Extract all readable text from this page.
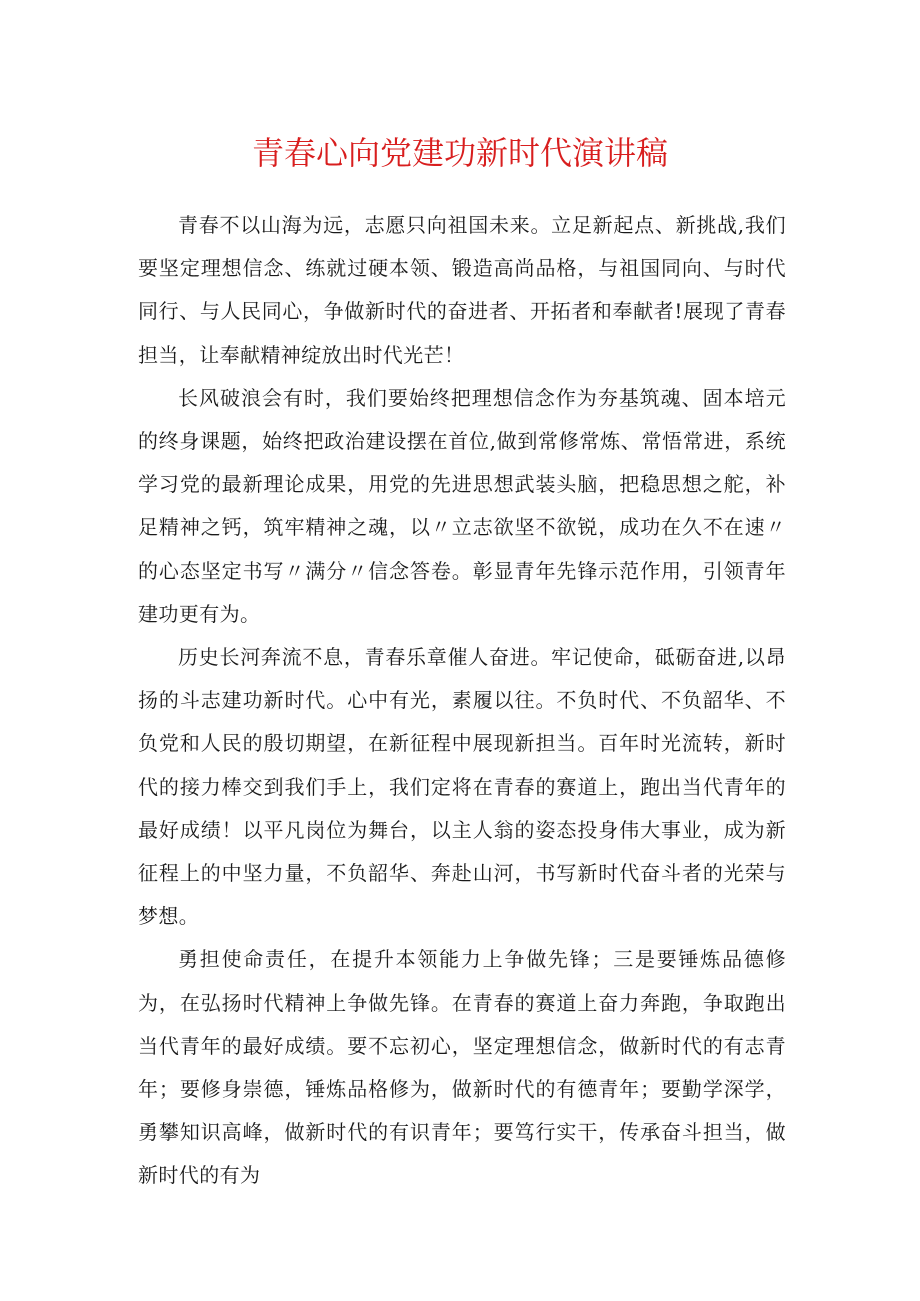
青春心向党建功新时代演讲稿

青春不以山海为远，志愿只向祖国未来。立足新起点、新挑战,我们要坚定理想信念、练就过硬本领、锻造高尚品格，与祖国同向、与时代同行、与人民同心，争做新时代的奋进者、开拓者和奉献者!展现了青春担当，让奉献精神绽放出时代光芒！

长风破浪会有时，我们要始终把理想信念作为夯基筑魂、固本培元的终身课题，始终把政治建设摆在首位,做到常修常炼、常悟常进，系统学习党的最新理论成果，用党的先进思想武装头脑，把稳思想之舵，补足精神之钙，筑牢精神之魂，以〃立志欲坚不欲锐，成功在久不在速〃的心态坚定书写〃满分〃信念答卷。彰显青年先锋示范作用，引领青年建功更有为。

历史长河奔流不息，青春乐章催人奋进。牢记使命，砥砺奋进,以昂扬的斗志建功新时代。心中有光，素履以往。不负时代、不负韶华、不负党和人民的殷切期望，在新征程中展现新担当。百年时光流转，新时代的接力棒交到我们手上，我们定将在青春的赛道上，跑出当代青年的最好成绩！以平凡岗位为舞台，以主人翁的姿态投身伟大事业，成为新征程上的中坚力量，不负韶华、奔赴山河，书写新时代奋斗者的光荣与梦想。

勇担使命责任，在提升本领能力上争做先锋；三是要锤炼品德修为，在弘扬时代精神上争做先锋。在青春的赛道上奋力奔跑，争取跑出当代青年的最好成绩。要不忘初心，坚定理想信念，做新时代的有志青年；要修身崇德，锤炼品格修为，做新时代的有德青年；要勤学深学，勇攀知识高峰，做新时代的有识青年；要笃行实干，传承奋斗担当，做新时代的有为
